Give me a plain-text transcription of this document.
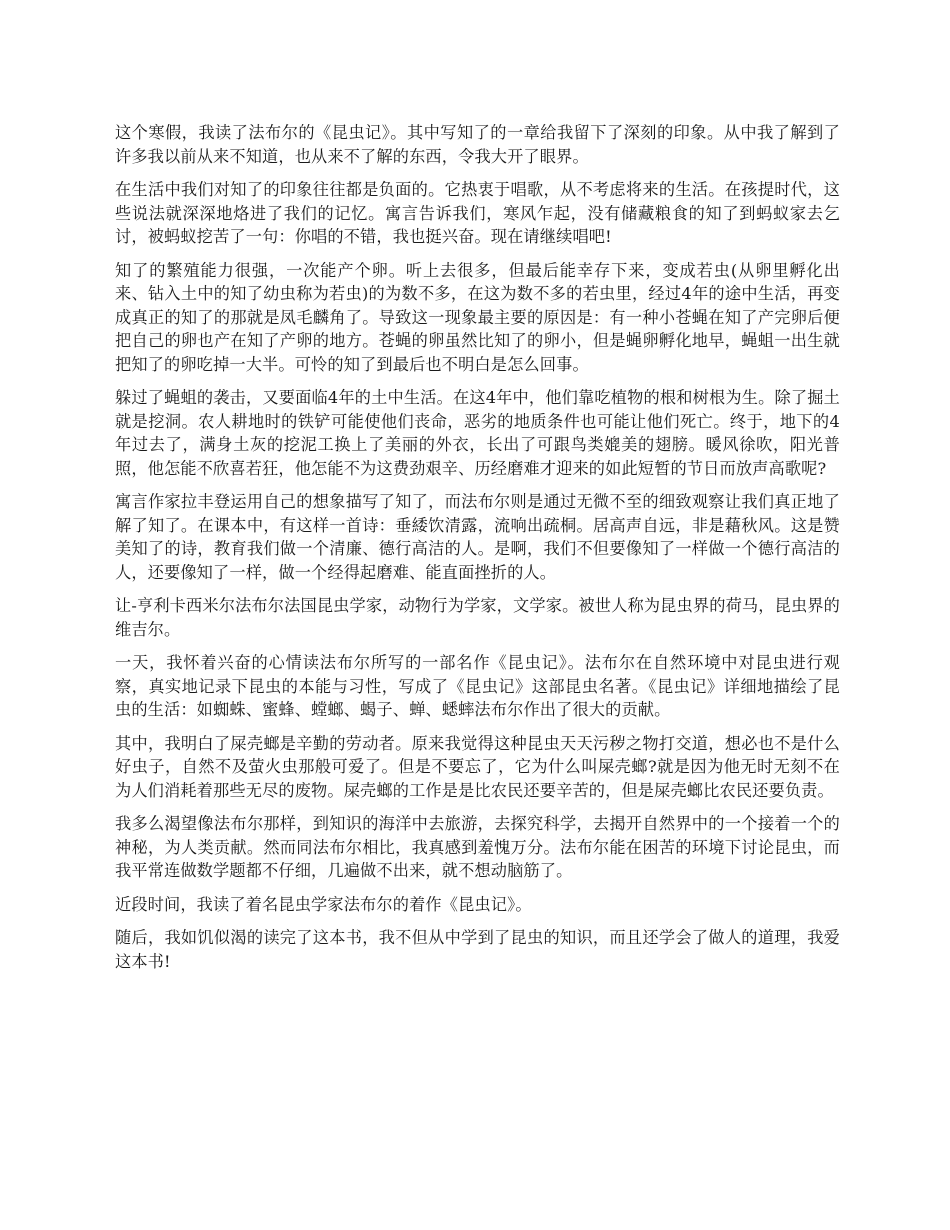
这个寒假，我读了法布尔的《昆虫记》。其中写知了的一章给我留下了深刻的印象。从中我了解到了许多我以前从来不知道，也从来不了解的东西，令我大开了眼界。

在生活中我们对知了的印象往往都是负面的。它热衷于唱歌，从不考虑将来的生活。在孩提时代，这些说法就深深地烙进了我们的记忆。寓言告诉我们，寒风乍起，没有储藏粮食的知了到蚂蚁家去乞讨，被蚂蚁挖苦了一句：你唱的不错，我也挺兴奋。现在请继续唱吧!

知了的繁殖能力很强，一次能产个卵。听上去很多，但最后能幸存下来，变成若虫(从卵里孵化出来、钻入土中的知了幼虫称为若虫)的为数不多，在这为数不多的若虫里，经过4年的途中生活，再变成真正的知了的那就是凤毛麟角了。导致这一现象最主要的原因是：有一种小苍蝇在知了产完卵后便把自己的卵也产在知了产卵的地方。苍蝇的卵虽然比知了的卵小，但是蝇卵孵化地早，蝇蛆一出生就把知了的卵吃掉一大半。可怜的知了到最后也不明白是怎么回事。

躲过了蝇蛆的袭击，又要面临4年的土中生活。在这4年中，他们靠吃植物的根和树根为生。除了掘土就是挖洞。农人耕地时的铁铲可能使他们丧命，恶劣的地质条件也可能让他们死亡。终于，地下的4年过去了，满身土灰的挖泥工换上了美丽的外衣，长出了可跟鸟类媲美的翅膀。暖风徐吹，阳光普照，他怎能不欣喜若狂，他怎能不为这费劲艰辛、历经磨难才迎来的如此短暂的节日而放声高歌呢?

寓言作家拉丰登运用自己的想象描写了知了，而法布尔则是通过无微不至的细致观察让我们真正地了解了知了。在课本中，有这样一首诗：垂緌饮清露，流响出疏桐。居高声自远，非是藉秋风。这是赞美知了的诗，教育我们做一个清廉、德行高洁的人。是啊，我们不但要像知了一样做一个德行高洁的人，还要像知了一样，做一个经得起磨难、能直面挫折的人。

让-亨利卡西米尔法布尔法国昆虫学家，动物行为学家，文学家。被世人称为昆虫界的荷马，昆虫界的维吉尔。

一天，我怀着兴奋的心情读法布尔所写的一部名作《昆虫记》。法布尔在自然环境中对昆虫进行观察，真实地记录下昆虫的本能与习性，写成了《昆虫记》这部昆虫名著。《昆虫记》详细地描绘了昆虫的生活：如蜘蛛、蜜蜂、螳螂、蝎子、蝉、蟋蟀法布尔作出了很大的贡献。

其中，我明白了屎壳螂是辛勤的劳动者。原来我觉得这种昆虫天天污秽之物打交道，想必也不是什么好虫子，自然不及萤火虫那般可爱了。但是不要忘了，它为什么叫屎壳螂?就是因为他无时无刻不在为人们消耗着那些无尽的废物。屎壳螂的工作是是比农民还要辛苦的，但是屎壳螂比农民还要负责。

我多么渴望像法布尔那样，到知识的海洋中去旅游，去探究科学，去揭开自然界中的一个接着一个的神秘，为人类贡献。然而同法布尔相比，我真感到羞愧万分。法布尔能在困苦的环境下讨论昆虫，而我平常连做数学题都不仔细，几遍做不出来，就不想动脑筋了。

近段时间，我读了着名昆虫学家法布尔的着作《昆虫记》。

随后，我如饥似渴的读完了这本书，我不但从中学到了昆虫的知识，而且还学会了做人的道理，我爱这本书!
